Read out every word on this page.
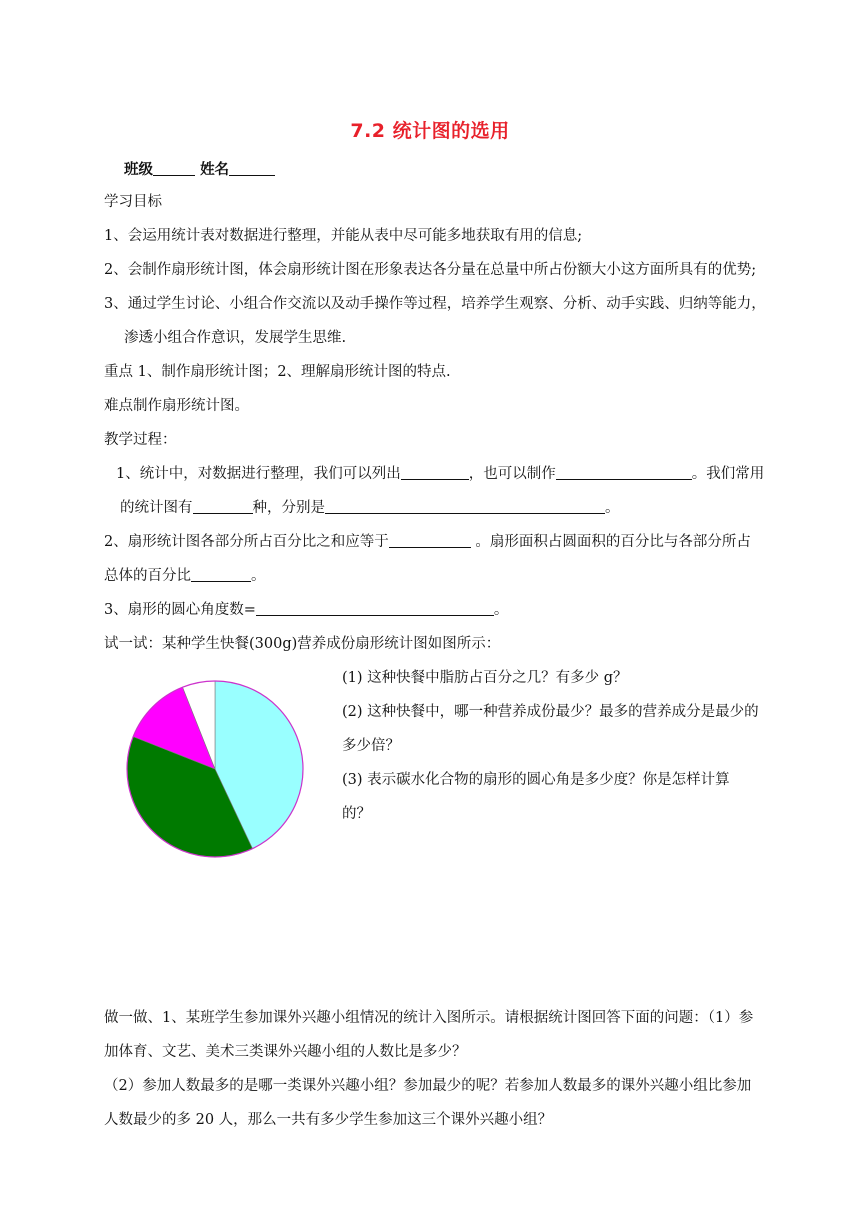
7.2 统计图的选用
班级	姓名
学习目标
1、会运用统计表对数据进行整理，并能从表中尽可能多地获取有用的信息;
2、会制作扇形统计图，体会扇形统计图在形象表达各分量在总量中所占份额大小这方面所具有的优势;
3、通过学生讨论、小组合作交流以及动手操作等过程，培养学生观察、分析、动手实践、归纳等能力，
渗透小组合作意识，发展学生思维.
重点 1、制作扇形统计图；2、理解扇形统计图的特点.
难点制作扇形统计图。
教学过程：
1、统计中，对数据进行整理，我们可以列出	，也可以制作	。我们常用
的统计图有	种，分别是	。
2、扇形统计图各部分所占百分比之和应等于	。扇形面积占圆面积的百分比与各部分所占
总体的百分比	。
3、扇形的圆心角度数=	。
试一试：某种学生快餐(300g)营养成份扇形统计图如图所示：
(1) 这种快餐中脂肪占百分之几？有多少 g？
(2) 这种快餐中，哪一种营养成份最少？最多的营养成分是最少的
多少倍？
(3) 表示碳水化合物的扇形的圆心角是多少度？你是怎样计算
的？
做一做、1、某班学生参加课外兴趣小组情况的统计入图所示。请根据统计图回答下面的问题：（1）参
加体育、文艺、美术三类课外兴趣小组的人数比是多少？
（2）参加人数最多的是哪一类课外兴趣小组？参加最少的呢？若参加人数最多的课外兴趣小组比参加
人数最少的多 20 人，那么一共有多少学生参加这三个课外兴趣小组？
